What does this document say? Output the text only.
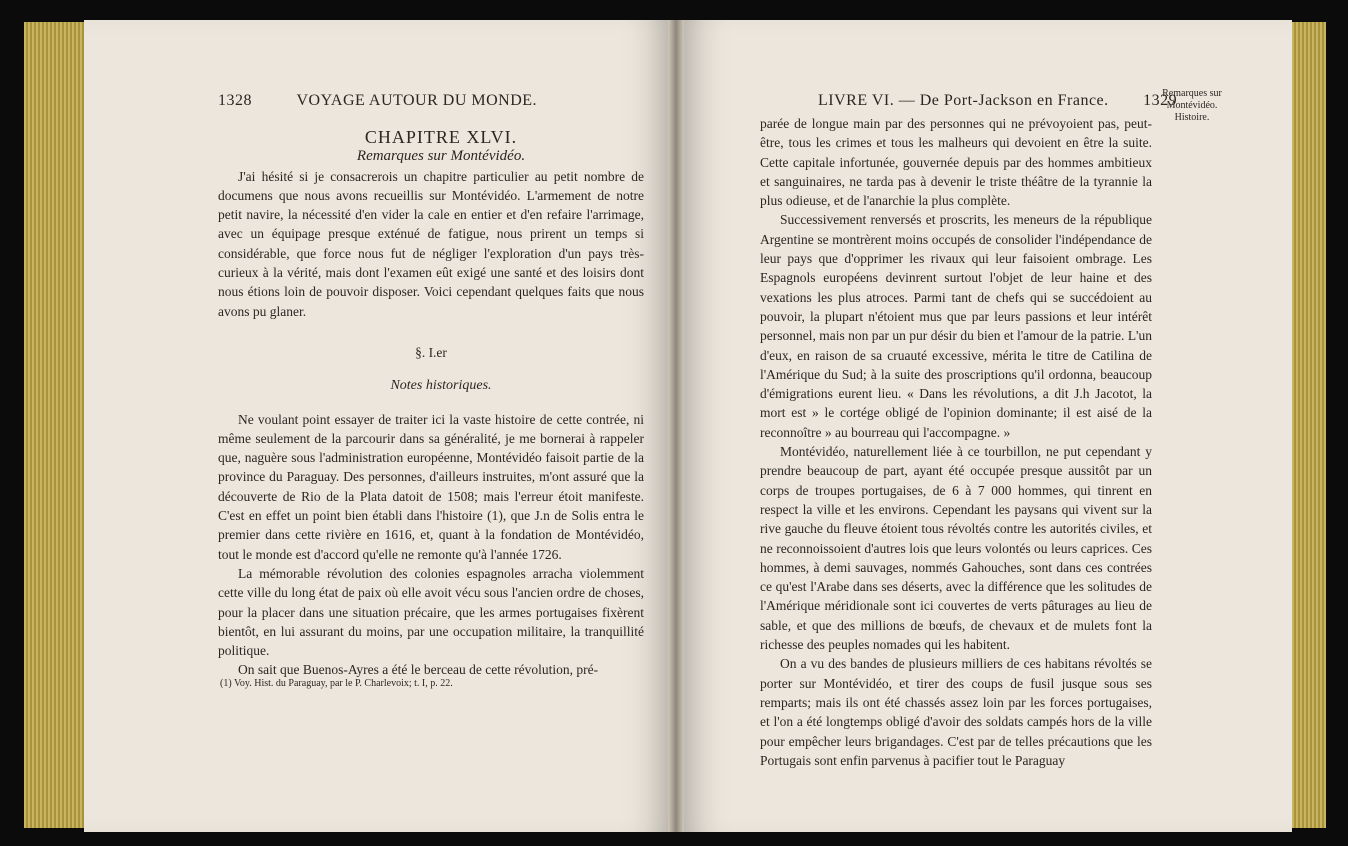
1328	VOYAGE AUTOUR DU MONDE.

CHAPITRE XLVI.

Remarques sur Montévidéo.

J'ai hésité si je consacrerois un chapitre particulier au petit nombre de documens que nous avons recueillis sur Montévidéo. L'armement de notre petit navire, la nécessité d'en vider la cale en entier et d'en refaire l'arrimage, avec un équipage presque exténué de fatigue, nous prirent un temps si considérable, que force nous fut de négliger l'exploration d'un pays très-curieux à la vérité, mais dont l'examen eût exigé une santé et des loisirs dont nous étions loin de pouvoir disposer. Voici cependant quelques faits que nous avons pu glaner.

§. I.er

Notes historiques.

Ne voulant point essayer de traiter ici la vaste histoire de cette contrée, ni même seulement de la parcourir dans sa généralité, je me bornerai à rappeler que, naguère sous l'administration européenne, Montévidéo faisoit partie de la province du Paraguay. Des personnes, d'ailleurs instruites, m'ont assuré que la découverte de Rio de la Plata datoit de 1508; mais l'erreur étoit manifeste. C'est en effet un point bien établi dans l'histoire (1), que J.n de Solis entra le premier dans cette rivière en 1616, et, quant à la fondation de Montévidéo, tout le monde est d'accord qu'elle ne remonte qu'à l'année 1726.

La mémorable révolution des colonies espagnoles arracha violemment cette ville du long état de paix où elle avoit vécu sous l'ancien ordre de choses, pour la placer dans une situation précaire, que les armes portugaises fixèrent bientôt, en lui assurant du moins, par une occupation militaire, la tranquillité politique.

On sait que Buenos-Ayres a été le berceau de cette révolution, pré-

(1) Voy. Hist. du Paraguay, par le P. Charlevoix; t. I, p. 22.
LIVRE VI. — De Port-Jackson en France. 1329
Remarques sur Montévidéo. Histoire.

parée de longue main par des personnes qui ne prévoyoient pas, peut-être, tous les crimes et tous les malheurs qui devoient en être la suite. Cette capitale infortunée, gouvernée depuis par des hommes ambitieux et sanguinaires, ne tarda pas à devenir le triste théâtre de la tyrannie la plus odieuse, et de l'anarchie la plus complète.

Successivement renversés et proscrits, les meneurs de la république Argentine se montrèrent moins occupés de consolider l'indépendance de leur pays que d'opprimer les rivaux qui leur faisoient ombrage. Les Espagnols européens devinrent surtout l'objet de leur haine et des vexations les plus atroces. Parmi tant de chefs qui se succédoient au pouvoir, la plupart n'étoient mus que par leurs passions et leur intérêt personnel, mais non par un pur désir du bien et l'amour de la patrie. L'un d'eux, en raison de sa cruauté excessive, mérita le titre de Catilina de l'Amérique du Sud; à la suite des proscriptions qu'il ordonna, beaucoup d'émigrations eurent lieu. « Dans les révolutions, a dit J.h Jacotot, la mort est » le cortége obligé de l'opinion dominante; il est aisé de la reconnoître » au bourreau qui l'accompagne. »

Montévidéo, naturellement liée à ce tourbillon, ne put cependant y prendre beaucoup de part, ayant été occupée presque aussitôt par un corps de troupes portugaises, de 6 à 7 000 hommes, qui tinrent en respect la ville et les environs. Cependant les paysans qui vivent sur la rive gauche du fleuve étoient tous révoltés contre les autorités civiles, et ne reconnoissoient d'autres lois que leurs volontés ou leurs caprices. Ces hommes, à demi sauvages, nommés Gahouches, sont dans ces contrées ce qu'est l'Arabe dans ses déserts, avec la différence que les solitudes de l'Amérique méridionale sont ici couvertes de verts pâturages au lieu de sable, et que des millions de bœufs, de chevaux et de mulets font la richesse des peuples nomades qui les habitent.

On a vu des bandes de plusieurs milliers de ces habitans révoltés se porter sur Montévidéo, et tirer des coups de fusil jusque sous ses remparts; mais ils ont été chassés assez loin par les forces portugaises, et l'on a été longtemps obligé d'avoir des soldats campés hors de la ville pour empêcher leurs brigandages. C'est par de telles précautions que les Portugais sont enfin parvenus à pacifier tout le Paraguay
